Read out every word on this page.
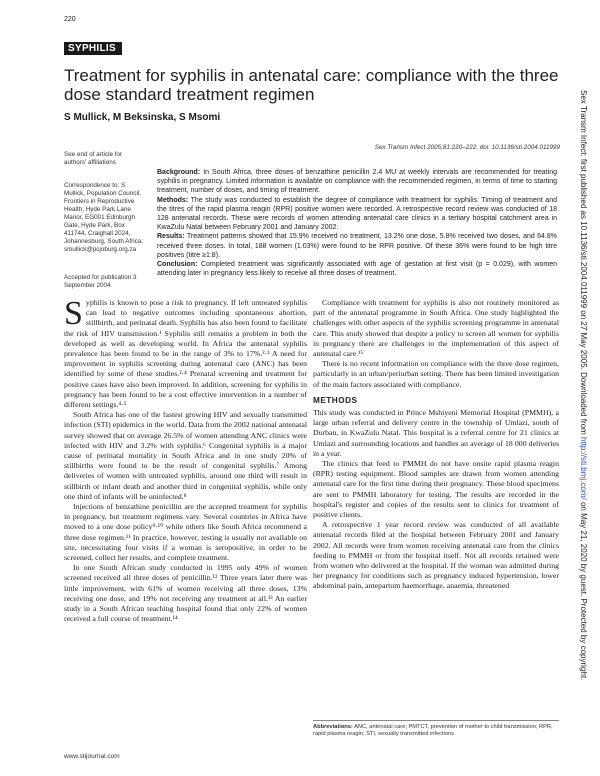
220
SYPHILIS
Treatment for syphilis in antenatal care: compliance with the three dose standard treatment regimen
S Mullick, M Beksinska, S Msomi
See end of article for authors' affiliations
Correspondence to: S Mullick, Population Council, Frontiers in Reproductive Health, Hyde Park Lane Manor, EG001 Edinburgh Gate, Hyde Park, Box 411744, Craighall 2024, Johannesburg, South Africa; smullick@pcjoburg.org.za
Accepted for publication 3 September 2004
Sex Transm Infect 2005;81:220–222. doi: 10.1136/sti.2004.011999

Background: In South Africa, three doses of benzathine penicillin 2.4 MU at weekly intervals are recommended for treating syphilis in pregnancy. Limited information is available on compliance with the recommended regimen, in terms of time to starting treatment, number of doses, and timing of treatment.

Methods: The study was conducted to establish the degree of compliance with treatment for syphilis. Timing of treatment and the titres of the rapid plasma reagin (RPR) positive women were recorded. A retrospective record review was conducted of 18 128 antenatal records. These were records of women attending antenatal care clinics in a tertiary hospital catchment area in KwaZulu Natal between February 2001 and January 2002.

Results: Treatment patterns showed that 15.9% received no treatment, 13.2% one dose, 5.8% received two doses, and 64.8% received three doses. In total, 188 women (1.03%) were found to be RPR positive. Of these 36% were found to be high titre positives (titre ≥1:8).

Conclusion: Completed treatment was significantly associated with age of gestation at first visit (p = 0.029), with women attending later in pregnancy less likely to receive all three doses of treatment.

Syphilis is known to pose a risk to pregnancy. If left untreated syphilis can lead to negative outcomes including spontaneous abortion, stillbirth, and perinatal death. Syphilis has also been found to facilitate the risk of HIV transmission.¹ Syphilis still remains a problem in both the developed as well as developing world. In Africa the antenatal syphilis prevalence has been found to be in the range of 3% to 17%.²·³ A need for improvement in syphilis screening during antenatal care (ANC) has been identified by some of these studies.²·⁴ Prenatal screening and treatment for positive cases have also been improved. In addition, screening for syphilis in pregnancy has been found to be a cost effective intervention in a number of different settings.⁴·⁵

South Africa has one of the fastest growing HIV and sexually transmitted infection (STI) epidemics in the world. Data from the 2002 national antenatal survey showed that on average 26.5% of women attending ANC clinics were infected with HIV and 3.2% with syphilis.⁶ Congenital syphilis is a major cause of perinatal mortality in South Africa and in one study 20% of stillbirths were found to be the result of congenital syphilis.⁷ Among deliveries of women with untreated syphilis, around one third will result in stillbirth or infant death and another third in congenital syphilis, while only one third of infants will be uninfected.⁸

Injections of benzathine penicillin are the accepted treatment for syphilis in pregnancy, but treatment regimens vary. Several countries in Africa have moved to a one dose policy⁹·¹⁰ while others like South Africa recommend a three dose regimen.¹¹ In practice, however, testing is usually not available on site, necessitating four visits if a woman is seropositive, in order to be screened, collect her results, and complete treatment.

In one South African study conducted in 1995 only 49% of women screened received all three doses of penicillin.¹² Three years later there was little improvement, with 61% of women receiving all three doses, 13% receiving one dose, and 19% not receiving any treatment at all.¹³ An earlier study in a South African teaching hospital found that only 22% of women received a full course of treatment.¹⁴

Compliance with treatment for syphilis is also not routinely monitored as part of the antenatal programme in South Africa. One study highlighted the challenges with other aspects of the syphilis screening programme in antenatal care. This study showed that despite a policy to screen all women for syphilis in pregnancy there are challenges to the implementation of this aspect of antenatal care.¹⁵

There is no recent information on compliance with the three dose regimen, particularly in an urban/periurban setting. There has been limited investigation of the main factors associated with compliance.

METHODS

This study was conducted in Prince Mshiyeni Memorial Hospital (PMMH), a large urban referral and delivery centre in the township of Umlazi, south of Durban, in KwaZulu Natal. This hospital is a referral centre for 21 clinics at Umlazi and surrounding locations and handles an average of 18 000 deliveries in a year.

The clinics that feed to PMMH do not have onsite rapid plasma reagin (RPR) testing equipment. Blood samples are drawn from women attending antenatal care for the first time during their pregnancy. These blood specimens are sent to PMMH laboratory for testing. The results are recorded in the hospital's register and copies of the results sent to clinics for treatment of positive clients.

A retrospective 1 year record review was conducted of all available antenatal records filed at the hospital between February 2001 and January 2002. All records were from women receiving antenatal care from the clinics feeding to PMMH or from the hospital itself. Not all records retained were from women who delivered at the hospital. If the woman was admitted during her pregnancy for conditions such as pregnancy induced hypertension, lower abdominal pain, antepartum haemorrhage, anaemia, threatened

Abbreviations: ANC, antenatal care; PMTCT, prevention of mother to child transmission; RPR, rapid plasma reagin; STI, sexually transmitted infections
www.stijournal.com
Sex Transm Infect: first published as 10.1136/sti.2004.011999 on 27 May 2005. Downloaded from http://sti.bmj.com/ on May 21, 2020 by guest. Protected by copyright.
